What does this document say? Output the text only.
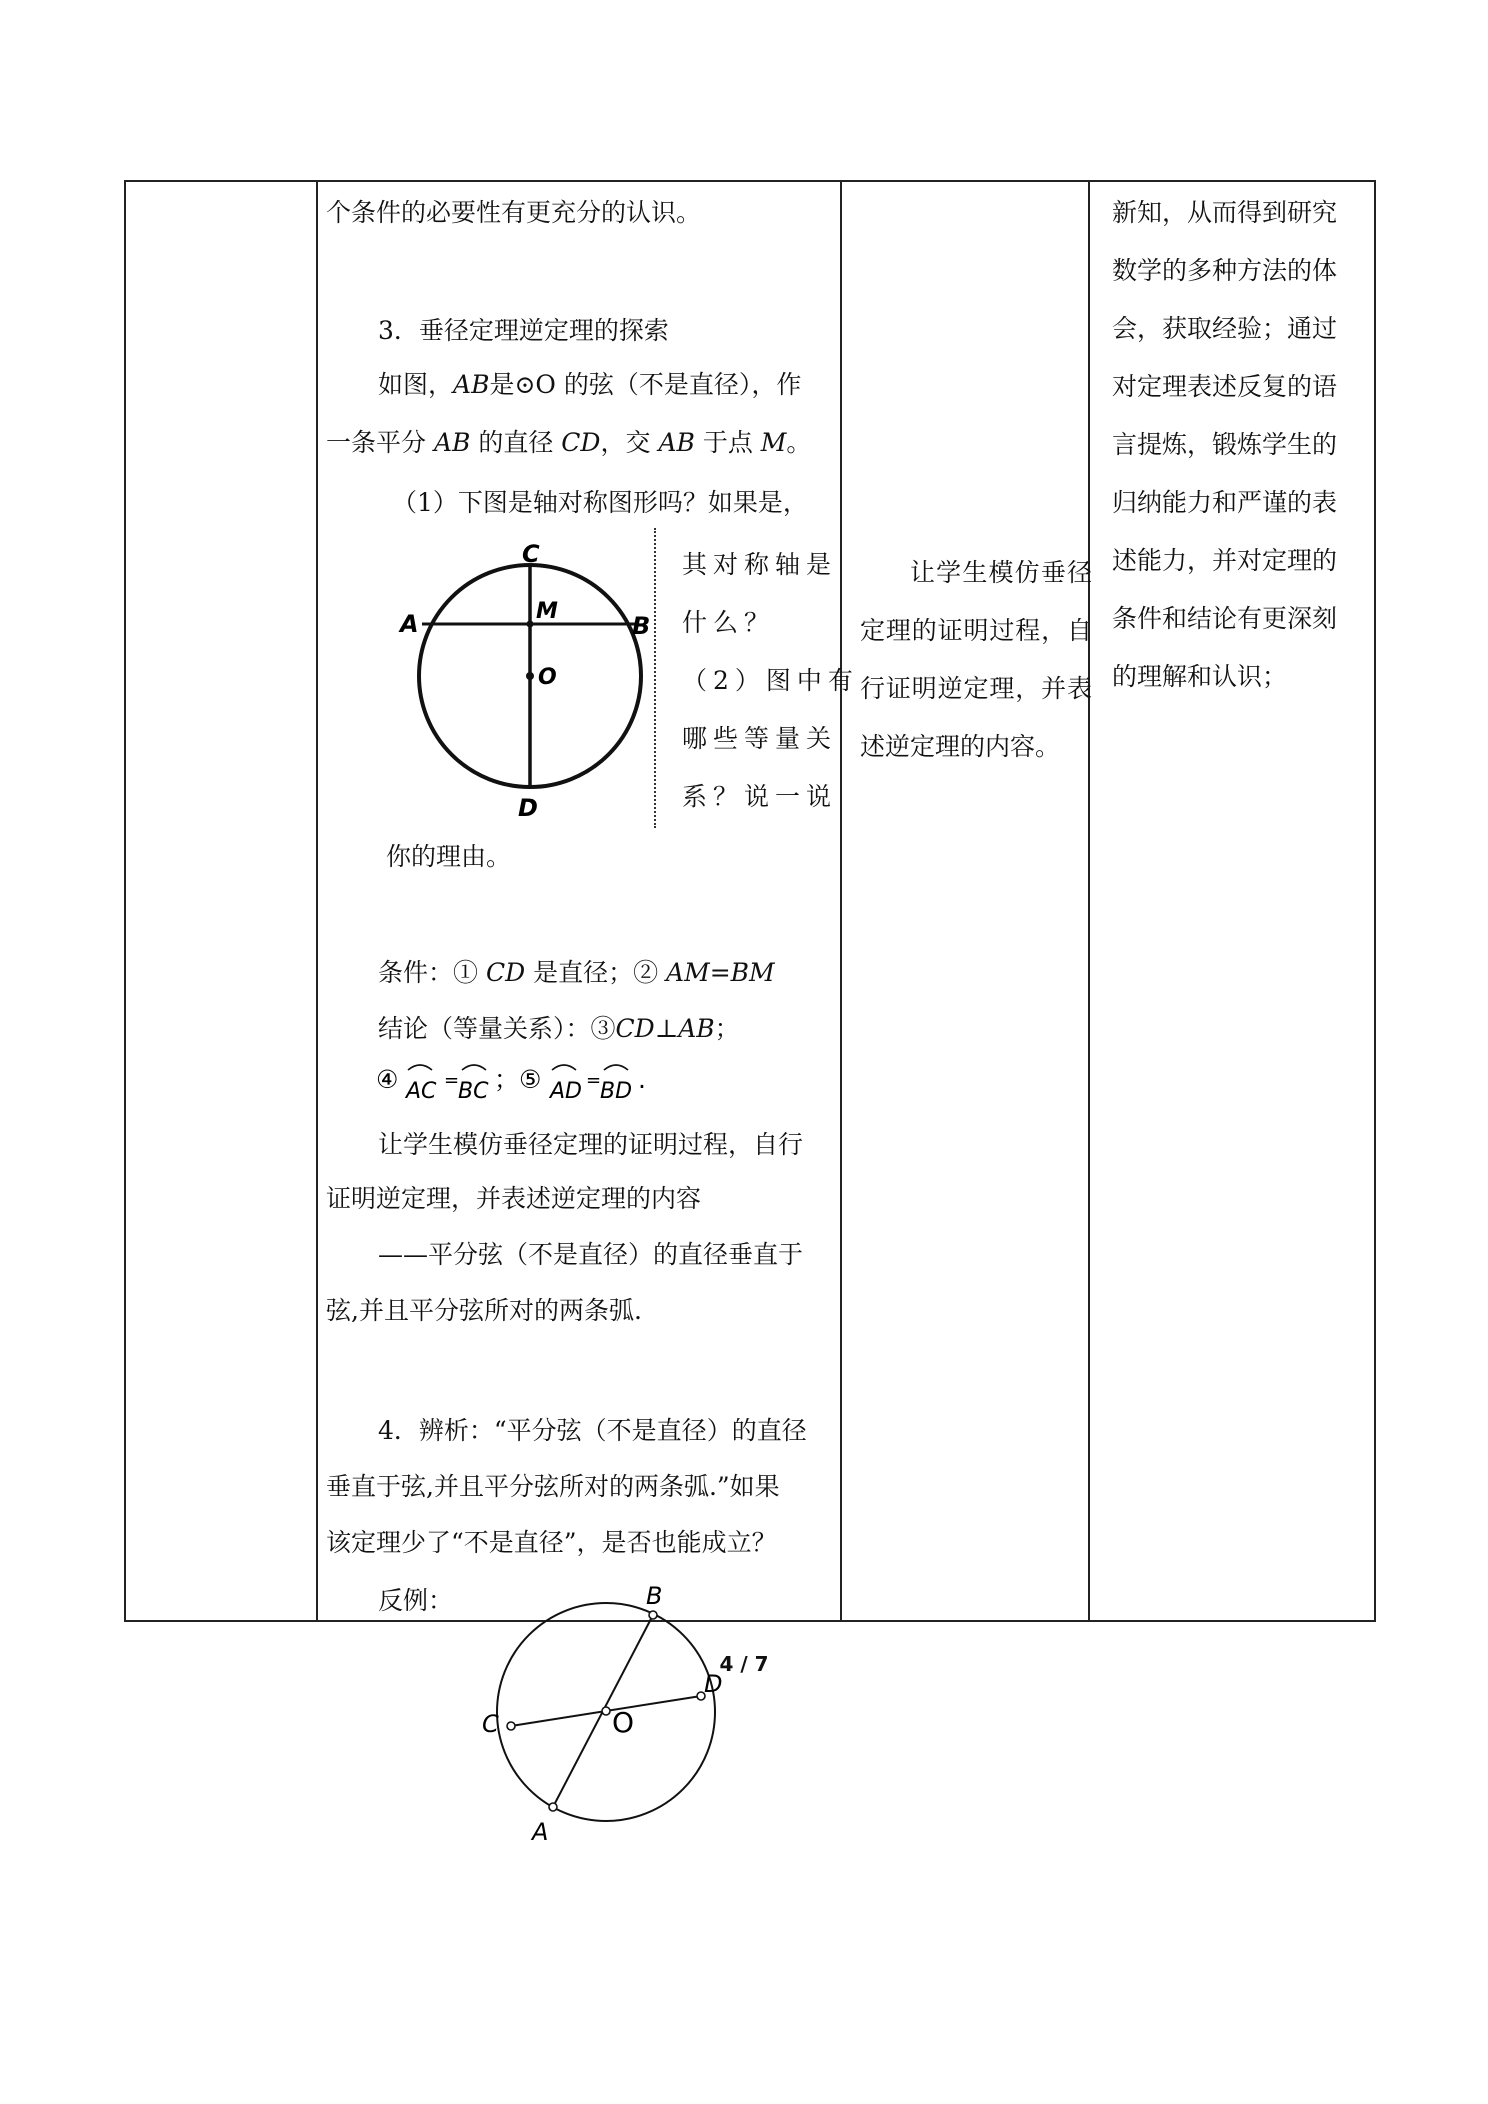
个条件的必要性有更充分的认识。
3．垂径定理逆定理的探索
如图，AB是⊙O 的弦（不是直径），作
一条平分 AB 的直径 CD，交 AB 于点 M。
（1）下图是轴对称图形吗？如果是，
C
A	M
B
O
D
其对称轴是
什么？
（2）图中有
哪些等量关
系？说一说
你的理由。
条件：① CD 是直径；② AM=BM
结论（等量关系）：③CD⊥AB；
④ AC =
BC ；⑤ AD =
BD .
让学生模仿垂径定理的证明过程，自行
证明逆定理，并表述逆定理的内容
——平分弦（不是直径）的直径垂直于
弦,并且平分弦所对的两条弧.
4．辨析：“平分弦（不是直径）的直径
垂直于弦,并且平分弦所对的两条弧.”如果
该定理少了“不是直径”，是否也能成立？
反例：	B
D
C	O
A
让学生模仿垂径定理的证明过程，自行证明逆定理，并表述逆定理的内容。
新知，从而得到研究
数学的多种方法的体
会，获取经验；通过
对定理表述反复的语
言提炼，锻炼学生的
归纳能力和严谨的表
述能力，并对定理的
条件和结论有更深刻
的理解和认识；
4 / 7
